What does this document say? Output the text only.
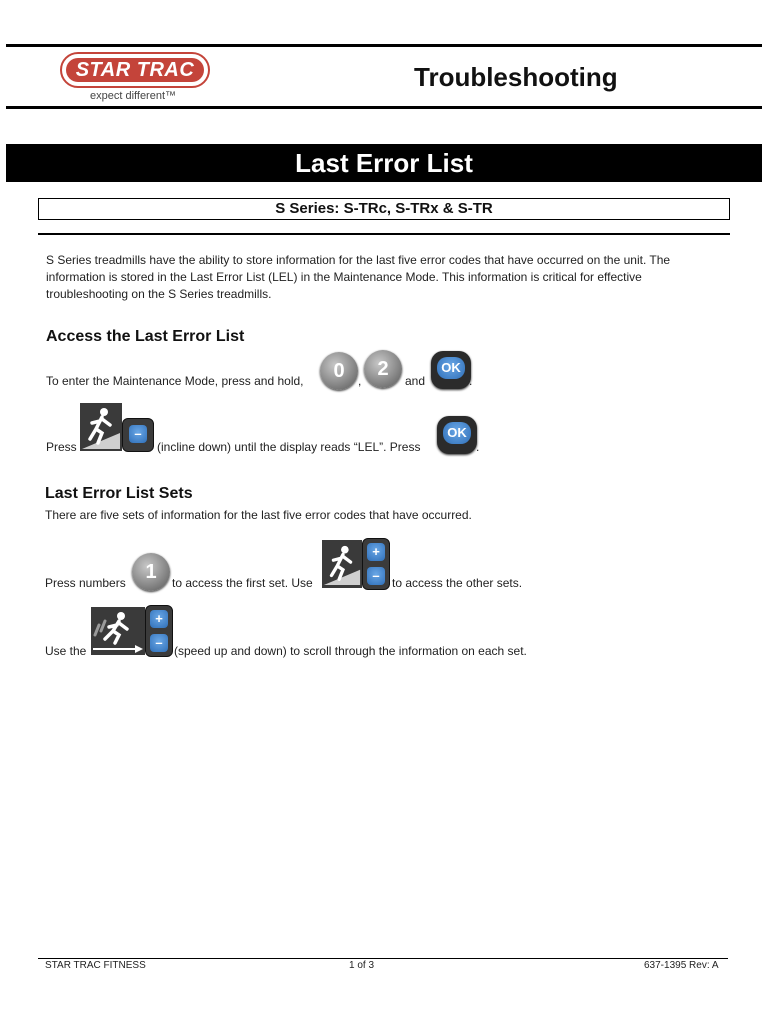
STAR TRAC
expect different™
Troubleshooting
Last Error List
S Series: S-TRc, S-TRx & S-TR
S Series treadmills have the ability to store information for the last five error codes that have occurred on the unit. The information is stored in the Last Error List (LEL) in the Maintenance Mode. This information is critical for effective troubleshooting on the S Series treadmills.
Access the Last Error List
To enter the Maintenance Mode, press and hold,	0	,
2
and
OK
.
Press
–
(incline down) until the display reads “LEL”. Press
OK
.
Last Error List Sets
There are five sets of information for the last five error codes that have occurred.
Press numbers 1	to access the first set. Use
+
–	to access the other sets.
Use the
+
–
(speed up and down) to scroll through the information on each set.
STAR TRAC FITNESS	1 of 3	637-1395 Rev: A
